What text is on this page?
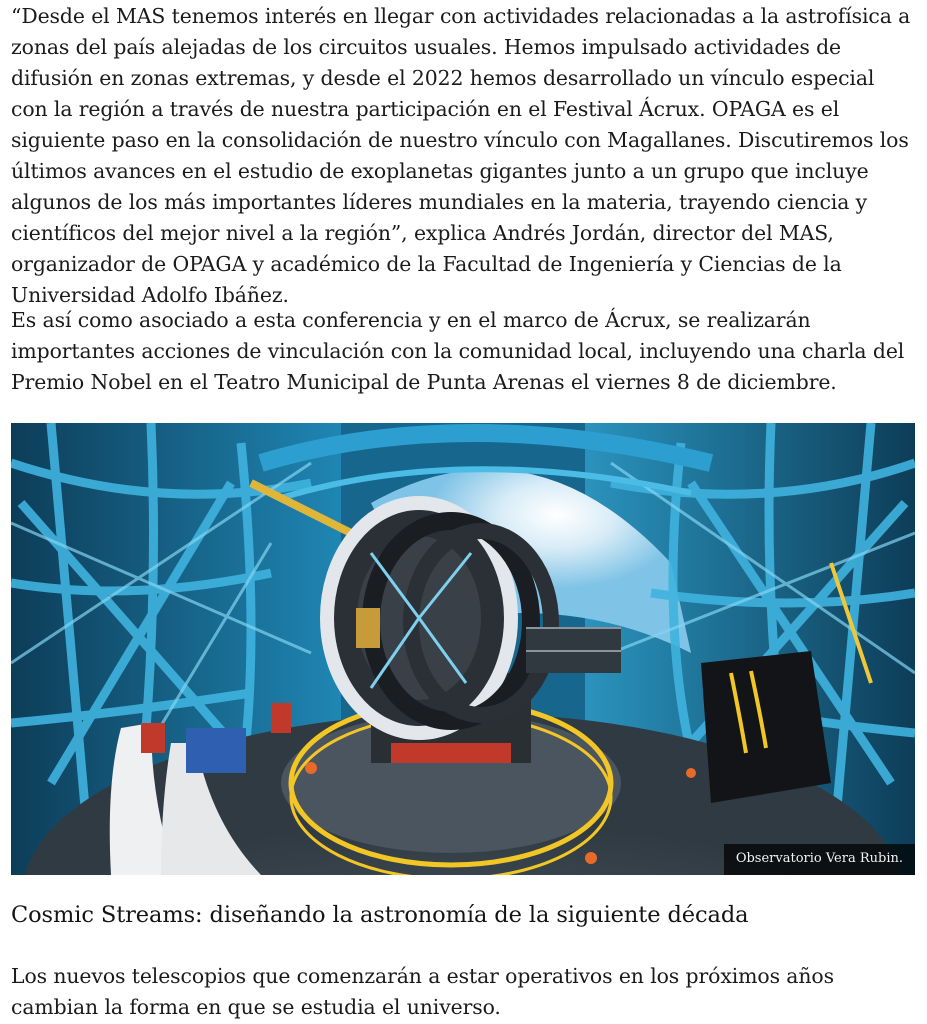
“Desde el MAS tenemos interés en llegar con actividades relacionadas a la astrofísica a zonas del país alejadas de los circuitos usuales. Hemos impulsado actividades de difusión en zonas extremas, y desde el 2022 hemos desarrollado un vínculo especial con la región a través de nuestra participación en el Festival Ácrux. OPAGA es el siguiente paso en la consolidación de nuestro vínculo con Magallanes. Discutiremos los últimos avances en el estudio de exoplanetas gigantes junto a un grupo que incluye algunos de los más importantes líderes mundiales en la materia, trayendo ciencia y científicos del mejor nivel a la región”, explica Andrés Jordán, director del MAS, organizador de OPAGA y académico de la Facultad de Ingeniería y Ciencias de la Universidad Adolfo Ibáñez.

Es así como asociado a esta conferencia y en el marco de Ácrux, se realizarán importantes acciones de vinculación con la comunidad local, incluyendo una charla del Premio Nobel en el Teatro Municipal de Punta Arenas el viernes 8 de diciembre.

Observatorio Vera Rubin.
Cosmic Streams: diseñando la astronomía de la siguiente década

Los nuevos telescopios que comenzarán a estar operativos en los próximos años cambian la forma en que se estudia el universo.
